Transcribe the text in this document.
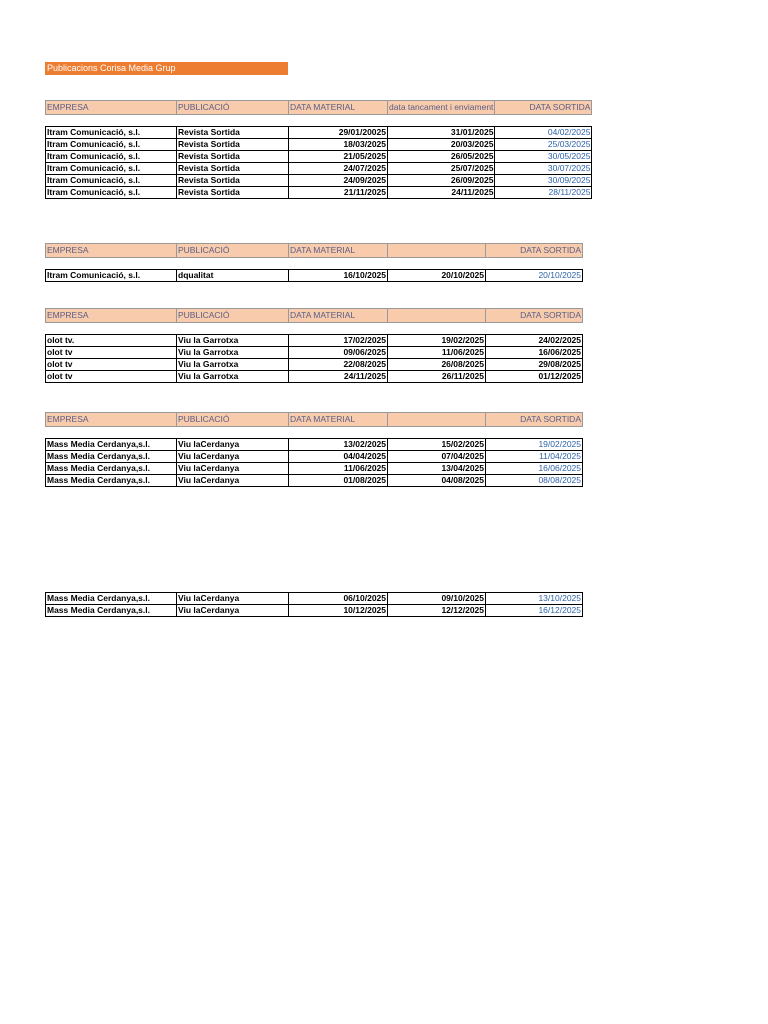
Publicacions Corisa Media Grup
EMPRESA	PUBLICACIÓ	DATA MATERIAL	data tancament i enviament	DATA SORTIDA

Itram Comunicació, s.l.	Revista Sortida	29/01/20025	31/01/2025	04/02/2025
Itram Comunicació, s.l.	Revista Sortida	18/03/2025	20/03/2025	25/03/2025
Itram Comunicació, s.l.	Revista Sortida	21/05/2025	26/05/2025	30/05/2025
Itram Comunicació, s.l.	Revista Sortida	24/07/2025	25/07/2025	30/07/2025
Itram Comunicació, s.l.	Revista Sortida	24/09/2025	26/09/2025	30/09/2025
Itram Comunicació, s.l.	Revista Sortida	21/11/2025	24/11/2025	28/11/2025
EMPRESA	PUBLICACIÓ	DATA MATERIAL		DATA SORTIDA

Itram Comunicació, s.l.	dqualitat	16/10/2025	20/10/2025	20/10/2025
EMPRESA	PUBLICACIÓ	DATA MATERIAL		DATA SORTIDA

olot tv.	Viu la Garrotxa	17/02/2025	19/02/2025	24/02/2025
olot tv	Viu la Garrotxa	09/06/2025	11/06/2025	16/06/2025
olot tv	Viu la Garrotxa	22/08/2025	26/08/2025	29/08/2025
olot tv	Viu la Garrotxa	24/11/2025	26/11/2025	01/12/2025
EMPRESA	PUBLICACIÓ	DATA MATERIAL		DATA SORTIDA

Mass Media Cerdanya,s.l.	Viu laCerdanya	13/02/2025	15/02/2025	19/02/2025
Mass Media Cerdanya,s.l.	Viu laCerdanya	04/04/2025	07/04/2025	11/04/2025
Mass Media Cerdanya,s.l.	Viu laCerdanya	11/06/2025	13/04/2025	16/06/2025
Mass Media Cerdanya,s.l.	Viu laCerdanya	01/08/2025	04/08/2025	08/08/2025
Mass Media Cerdanya,s.l.	Viu laCerdanya	06/10/2025	09/10/2025	13/10/2025
Mass Media Cerdanya,s.l.	Viu laCerdanya	10/12/2025	12/12/2025	16/12/2025
